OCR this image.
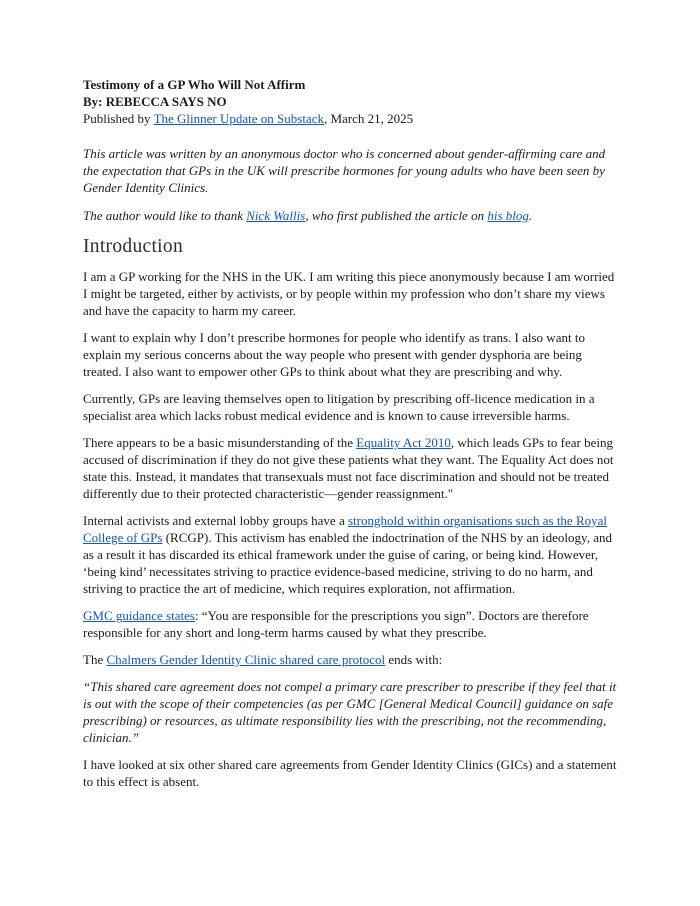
Testimony of a GP Who Will Not Affirm

By: REBECCA SAYS NO

Published by The Glinner Update on Substack, March 21, 2025

This article was written by an anonymous doctor who is concerned about gender-affirming care and the expectation that GPs in the UK will prescribe hormones for young adults who have been seen by Gender Identity Clinics.

The author would like to thank Nick Wallis, who first published the article on his blog.

Introduction

I am a GP working for the NHS in the UK. I am writing this piece anonymously because I am worried I might be targeted, either by activists, or by people within my profession who don’t share my views and have the capacity to harm my career.

I want to explain why I don’t prescribe hormones for people who identify as trans. I also want to explain my serious concerns about the way people who present with gender dysphoria are being treated. I also want to empower other GPs to think about what they are prescribing and why.

Currently, GPs are leaving themselves open to litigation by prescribing off-licence medication in a specialist area which lacks robust medical evidence and is known to cause irreversible harms.

There appears to be a basic misunderstanding of the Equality Act 2010, which leads GPs to fear being accused of discrimination if they do not give these patients what they want. The Equality Act does not state this. Instead, it mandates that transexuals must not face discrimination and should not be treated differently due to their protected characteristic—gender reassignment."

Internal activists and external lobby groups have a stronghold within organisations such as the Royal College of GPs (RCGP). This activism has enabled the indoctrination of the NHS by an ideology, and as a result it has discarded its ethical framework under the guise of caring, or being kind. However, ‘being kind’ necessitates striving to practice evidence-based medicine, striving to do no harm, and striving to practice the art of medicine, which requires exploration, not affirmation.

GMC guidance states: “You are responsible for the prescriptions you sign”. Doctors are therefore responsible for any short and long-term harms caused by what they prescribe.

The Chalmers Gender Identity Clinic shared care protocol ends with:

“This shared care agreement does not compel a primary care prescriber to prescribe if they feel that it is out with the scope of their competencies (as per GMC [General Medical Council] guidance on safe prescribing) or resources, as ultimate responsibility lies with the prescribing, not the recommending, clinician.”

I have looked at six other shared care agreements from Gender Identity Clinics (GICs) and a statement to this effect is absent.
